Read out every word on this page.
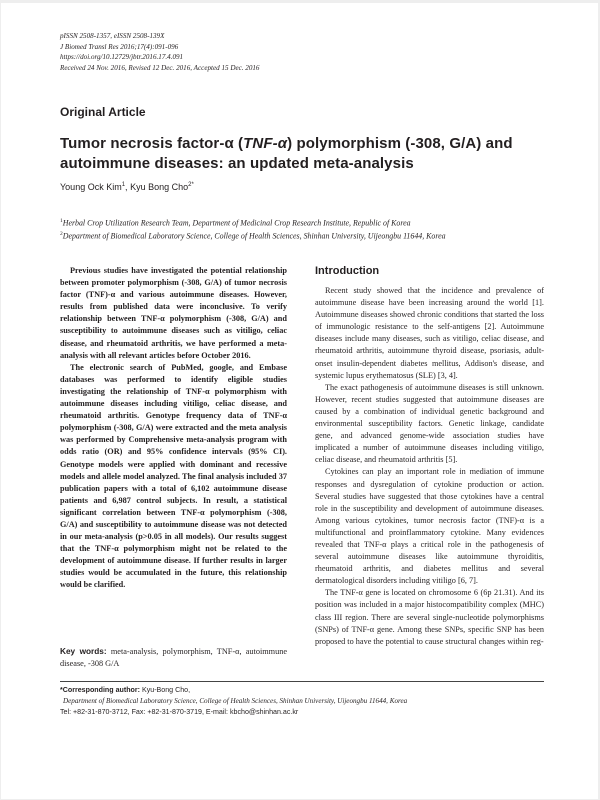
pISSN 2508-1357, eISSN 2508-139X
J Biomed Transl Res 2016;17(4):091-096
https://doi.org/10.12729/jbtr.2016.17.4.091
Received 24 Nov. 2016, Revised 12 Dec. 2016, Accepted 15 Dec. 2016
Original Article
Tumor necrosis factor-α (TNF-α) polymorphism (-308, G/A) and autoimmune diseases: an updated meta-analysis
Young Ock Kim$^1$, Kyu Bong Cho$^{2*}$
$^1$Herbal Crop Utilization Research Team, Department of Medicinal Crop Research Institute, Republic of Korea
$^2$Department of Biomedical Laboratory Science, College of Health Sciences, Shinhan University, Uijeongbu 11644, Korea

Previous studies have investigated the potential relationship between promoter polymorphism (-308, G/A) of tumor necrosis factor (TNF)-α and various autoimmune diseases. However, results from published data were inconclusive. To verify relationship between TNF-α polymorphism (-308, G/A) and susceptibility to autoimmune diseases such as vitiligo, celiac disease, and rheumatoid arthritis, we have performed a meta-analysis with all relevant articles before October 2016.

The electronic search of PubMed, google, and Embase databases was performed to identify eligible studies investigating the relationship of TNF-α polymorphism with autoimmune diseases including vitiligo, celiac disease, and rheumatoid arthritis. Genotype frequency data of TNF-α polymorphism (-308, G/A) were extracted and the meta analysis was performed by Comprehensive meta-analysis program with odds ratio (OR) and 95% confidence intervals (95% CI). Genotype models were applied with dominant and recessive models and allele model analyzed. The final analysis included 37 publication papers with a total of 6,102 autoimmune disease patients and 6,987 control subjects. In result, a statistical significant correlation between TNF-α polymorphism (-308, G/A) and susceptibility to autoimmune disease was not detected in our meta-analysis (p>0.05 in all models). Our results suggest that the TNF-α polymorphism might not be related to the development of autoimmune disease. If further results in larger studies would be accumulated in the future, this relationship would be clarified.

Key words: meta-analysis, polymorphism, TNF-α, autoimmune disease, -308 G/A
Introduction

Recent study showed that the incidence and prevalence of autoimmune disease have been increasing around the world [1]. Autoimmune diseases showed chronic conditions that started the loss of immunologic resistance to the self-antigens [2]. Autoimmune diseases include many diseases, such as vitiligo, celiac disease, and rheumatoid arthritis, autoimmune thyroid disease, psoriasis, adult-onset insulin-dependent diabetes mellitus, Addison's disease, and systemic lupus erythematosus (SLE) [3, 4].

The exact pathogenesis of autoimmune diseases is still unknown. However, recent studies suggested that autoimmune diseases are caused by a combination of individual genetic background and environmental susceptibility factors. Genetic linkage, candidate gene, and advanced genome-wide association studies have implicated a number of autoimmune diseases including vitiligo, celiac disease, and rheumatoid arthritis [5].

Cytokines can play an important role in mediation of immune responses and dysregulation of cytokine production or action. Several studies have suggested that those cytokines have a central role in the susceptibility and development of autoimmune diseases. Among various cytokines, tumor necrosis factor (TNF)-α is a multifunctional and proinflammatory cytokine. Many evidences revealed that TNF-α plays a critical role in the pathogenesis of several autoimmune diseases like autoimmune thyroiditis, rheumatoid arthritis, and diabetes mellitus and several dermatological disorders including vitiligo [6, 7].

The TNF-α gene is located on chromosome 6 (6p 21.31). And its position was included in a major histocompatibility complex (MHC) class III region. There are several single-nucleotide polymorphisms (SNPs) of TNF-α gene. Among these SNPs, specific SNP has been proposed to have the potential to cause structural changes within reg-

*Corresponding author: Kyu-Bong Cho,
Department of Biomedical Laboratory Science, College of Health Sciences, Shinhan University, Uijeongbu 11644, Korea
Tel: +82-31-870-3712, Fax: +82-31-870-3719, E-mail: kbcho@shinhan.ac.kr
